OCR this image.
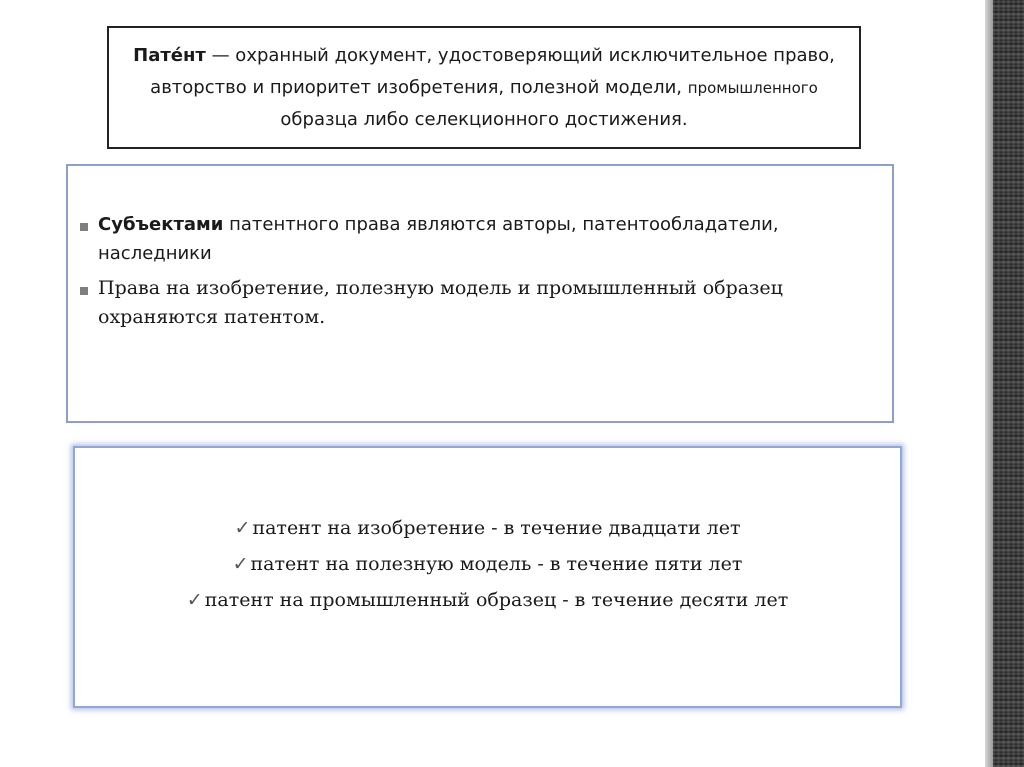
Пате́нт — охранный документ, удостоверяющий исключительное право, авторство и приоритет изобретения, полезной модели, промышленного образца либо селекционного достижения.
Субъектами патентного права являются авторы, патентообладатели, наследники
Права на изобретение, полезную модель и промышленный образец охраняются патентом.
✓ патент на изобретение - в течение двадцати лет
✓ патент на полезную модель - в течение пяти лет
✓ патент на промышленный образец - в течение десяти лет
